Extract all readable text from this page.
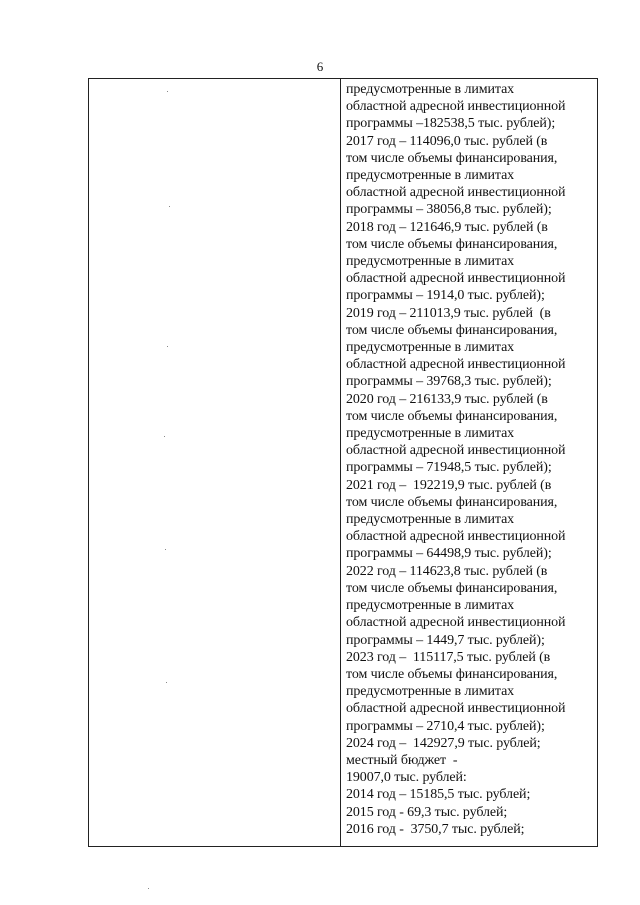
6
предусмотренные в лимитах
областной адресной инвестиционной
программы –182538,5 тыс. рублей);
2017 год – 114096,0 тыс. рублей (в
том числе объемы финансирования,
предусмотренные в лимитах
областной адресной инвестиционной
программы – 38056,8 тыс. рублей);
2018 год – 121646,9 тыс. рублей (в
том числе объемы финансирования,
предусмотренные в лимитах
областной адресной инвестиционной
программы – 1914,0 тыс. рублей);
2019 год – 211013,9 тыс. рублей  (в
том числе объемы финансирования,
предусмотренные в лимитах
областной адресной инвестиционной
программы – 39768,3 тыс. рублей);
2020 год – 216133,9 тыс. рублей (в
том числе объемы финансирования,
предусмотренные в лимитах
областной адресной инвестиционной
программы – 71948,5 тыс. рублей);
2021 год –  192219,9 тыс. рублей (в
том числе объемы финансирования,
предусмотренные в лимитах
областной адресной инвестиционной
программы – 64498,9 тыс. рублей);
2022 год – 114623,8 тыс. рублей (в
том числе объемы финансирования,
предусмотренные в лимитах
областной адресной инвестиционной
программы – 1449,7 тыс. рублей);
2023 год –  115117,5 тыс. рублей (в
том числе объемы финансирования,
предусмотренные в лимитах
областной адресной инвестиционной
программы – 2710,4 тыс. рублей);
2024 год –  142927,9 тыс. рублей;
местный бюджет  -
19007,0 тыс. рублей:
2014 год – 15185,5 тыс. рублей;
2015 год - 69,3 тыс. рублей;
2016 год -  3750,7 тыс. рублей;
